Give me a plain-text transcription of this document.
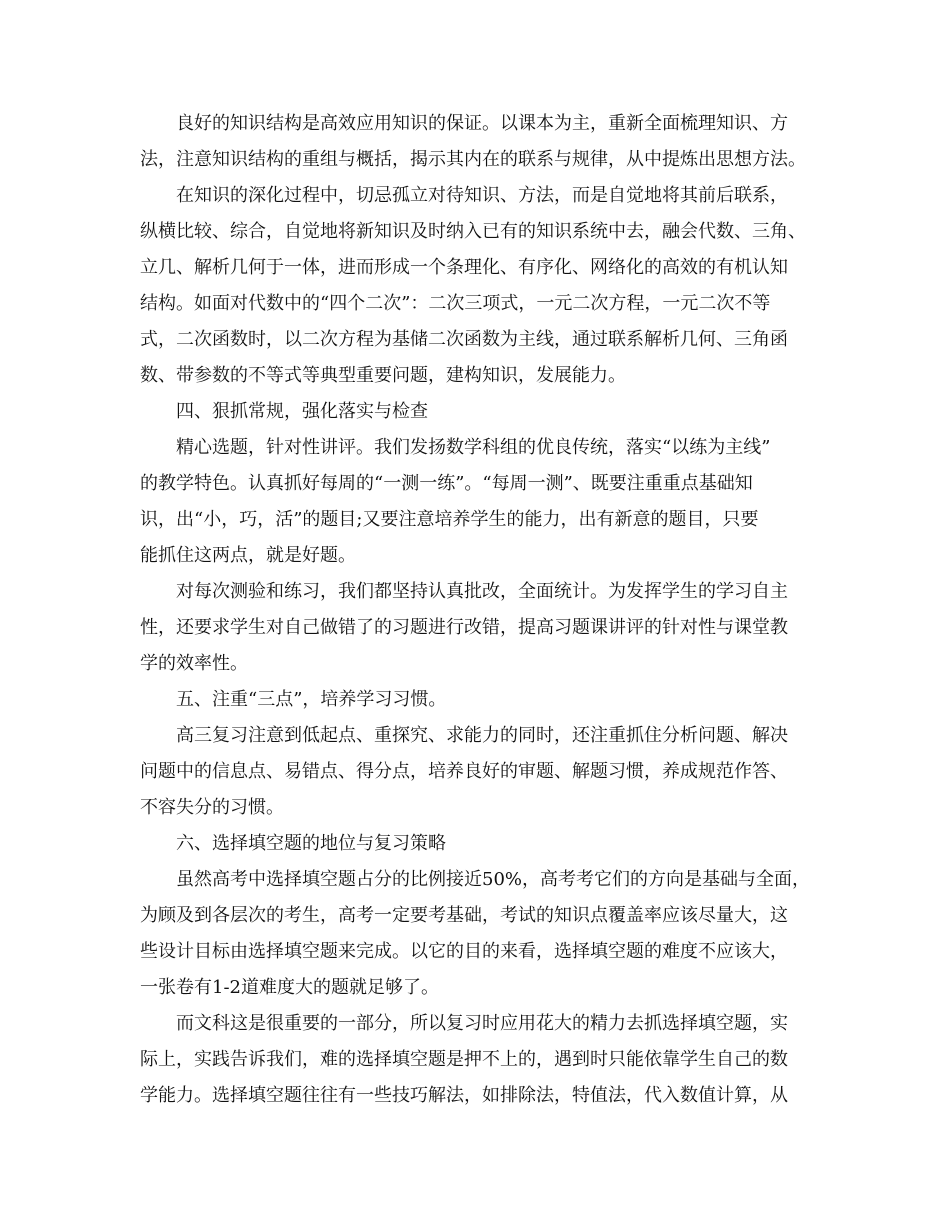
良好的知识结构是高效应用知识的保证。以课本为主，重新全面梳理知识、方
法，注意知识结构的重组与概括，揭示其内在的联系与规律，从中提炼出思想方法。
在知识的深化过程中，切忌孤立对待知识、方法，而是自觉地将其前后联系，
纵横比较、综合，自觉地将新知识及时纳入已有的知识系统中去，融会代数、三角、
立几、解析几何于一体，进而形成一个条理化、有序化、网络化的高效的有机认知
结构。如面对代数中的“四个二次”：二次三项式，一元二次方程，一元二次不等
式，二次函数时，以二次方程为基储二次函数为主线，通过联系解析几何、三角函
数、带参数的不等式等典型重要问题，建构知识，发展能力。
四、狠抓常规，强化落实与检查
精心选题，针对性讲评。我们发扬数学科组的优良传统，落实“以练为主线”
的教学特色。认真抓好每周的“一测一练”。“每周一测”、既要注重重点基础知
识，出“小，巧，活”的题目;又要注意培养学生的能力，出有新意的题目，只要
能抓住这两点，就是好题。
对每次测验和练习，我们都坚持认真批改，全面统计。为发挥学生的学习自主
性，还要求学生对自己做错了的习题进行改错，提高习题课讲评的针对性与课堂教
学的效率性。
五、注重“三点”，培养学习习惯。
高三复习注意到低起点、重探究、求能力的同时，还注重抓住分析问题、解决
问题中的信息点、易错点、得分点，培养良好的审题、解题习惯，养成规范作答、
不容失分的习惯。
六、选择填空题的地位与复习策略
虽然高考中选择填空题占分的比例接近50%，高考考它们的方向是基础与全面，
为顾及到各层次的考生，高考一定要考基础，考试的知识点覆盖率应该尽量大，这
些设计目标由选择填空题来完成。以它的目的来看，选择填空题的难度不应该大，
一张卷有1-2道难度大的题就足够了。
而文科这是很重要的一部分，所以复习时应用花大的精力去抓选择填空题，实
际上，实践告诉我们，难的选择填空题是押不上的，遇到时只能依靠学生自己的数
学能力。选择填空题往往有一些技巧解法，如排除法，特值法，代入数值计算，从
